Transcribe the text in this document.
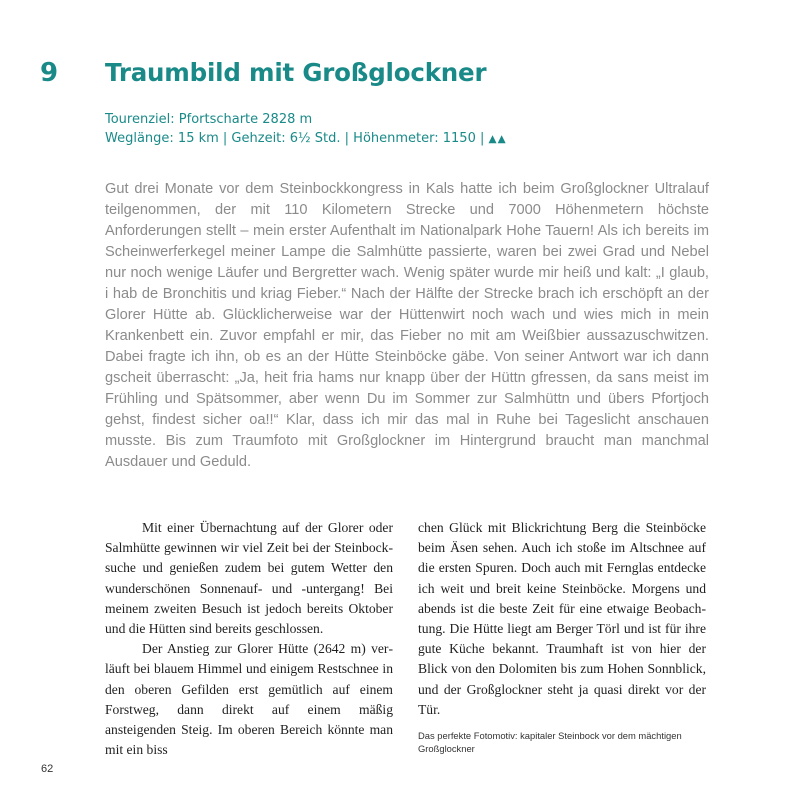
9 Traumbild mit Großglockner
Tourenziel: Pfortscharte 2828 m
Weglänge: 15 km | Gehzeit: 6½ Std. | Höhenmeter: 1150 | ▲▲

Gut drei Monate vor dem Steinbockkongress in Kals hatte ich beim Großglockner Ultralauf teilgenommen, der mit 110 Kilometern Strecke und 7000 Höhenmetern höchste Anforderungen stellt – mein erster Aufenthalt im Nationalpark Hohe Tauern! Als ich bereits im Scheinwerferkegel meiner Lampe die Salmhütte passierte, waren bei zwei Grad und Nebel nur noch wenige Läufer und Bergretter wach. Wenig später wurde mir heiß und kalt: „I glaub, i hab de Bronchitis und kriag Fieber.“ Nach der Hälfte der Strecke brach ich erschöpft an der Glorer Hütte ab. Glücklicherweise war der Hüttenwirt noch wach und wies mich in mein Krankenbett ein. Zuvor empfahl er mir, das Fieber no mit am Weißbier aussazuschwitzen. Dabei fragte ich ihn, ob es an der Hütte Steinböcke gäbe. Von seiner Antwort war ich dann gscheit überrascht: „Ja, heit fria hams nur knapp über der Hüttn gfressen, da sans meist im Frühling und Spätsommer, aber wenn Du im Sommer zur Salmhüttn und übers Pfortjoch gehst, findest sicher oa!!“ Klar, dass ich mir das mal in Ruhe bei Tageslicht anschauen musste. Bis zum Traumfoto mit Großglockner im Hintergrund braucht man manchmal Ausdauer und Geduld.

Mit einer Übernachtung auf der Glorer oder Salmhütte gewinnen wir viel Zeit bei der Steinbocksuche und genießen zudem bei gutem Wetter den wunderschönen Sonnenauf- und -untergang! Bei meinem zweiten Besuch ist jedoch bereits Oktober und die Hütten sind bereits geschlossen.

Der Anstieg zur Glorer Hütte (2642 m) verläuft bei blauem Himmel und einigem Restschnee in den oberen Gefilden erst gemütlich auf einem Forstweg, dann direkt auf einem mäßig ansteigenden Steig. Im oberen Bereich könnte man mit ein biss

chen Glück mit Blickrichtung Berg die Steinböcke beim Äsen sehen. Auch ich stoße im Altschnee auf die ersten Spuren. Doch auch mit Fernglas entdecke ich weit und breit keine Steinböcke. Morgens und abends ist die beste Zeit für eine etwaige Beobachtung. Die Hütte liegt am Berger Törl und ist für ihre gute Küche bekannt. Traumhaft ist von hier der Blick von den Dolomiten bis zum Hohen Sonnblick, und der Großglockner steht ja quasi direkt vor der Tür.

Das perfekte Fotomotiv: kapitaler Steinbock vor dem mächtigen Großglockner
62
